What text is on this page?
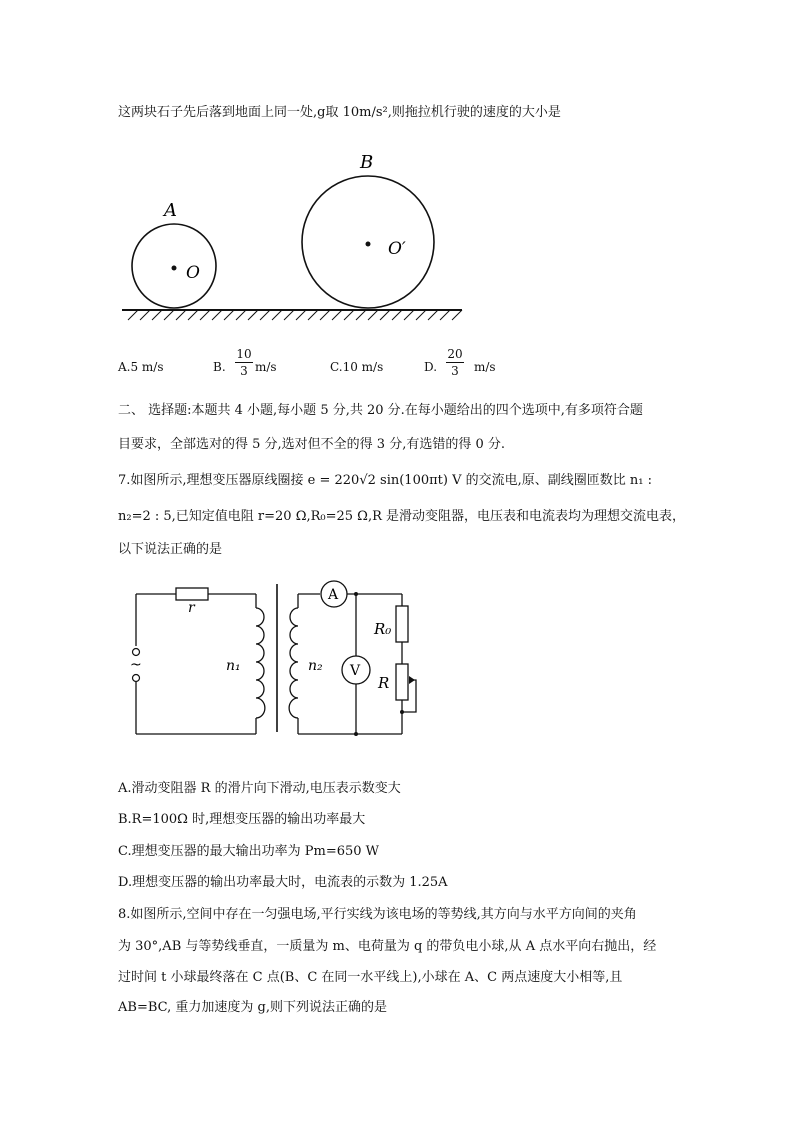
这两块石子先后落到地面上同一处,g取 10m/s²,则拖拉机行驶的速度的大小是
A
O
B
O′
A.5 m/s	B.
10
3 m/s	C.10 m/s	D.
20
3	m/s
二、 选择题:本题共 4 小题,每小题 5 分,共 20 分.在每小题给出的四个选项中,有多项符合题
目要求，全部选对的得 5 分,选对但不全的得 3 分,有选错的得 0 分.
7.如图所示,理想变压器原线圈接 e = 220√2 sin(100πt) V 的交流电,原、副线圈匝数比 n₁ :
n₂=2 : 5,已知定值电阻 r=20 Ω,R₀=25 Ω,R 是滑动变阻器，电压表和电流表均为理想交流电表，
以下说法正确的是
r
~	n₁	n₂
A
V
R₀
R
A.滑动变阻器 R 的滑片向下滑动,电压表示数变大
B.R=100Ω 时,理想变压器的输出功率最大
C.理想变压器的最大输出功率为 Pm=650 W
D.理想变压器的输出功率最大时，电流表的示数为 1.25A
8.如图所示,空间中存在一匀强电场,平行实线为该电场的等势线,其方向与水平方向间的夹角
为 30°,AB 与等势线垂直，一质量为 m、电荷量为 q 的带负电小球,从 A 点水平向右抛出，经
过时间 t 小球最终落在 C 点(B、C 在同一水平线上),小球在 A、C 两点速度大小相等,且
AB=BC, 重力加速度为 g,则下列说法正确的是
